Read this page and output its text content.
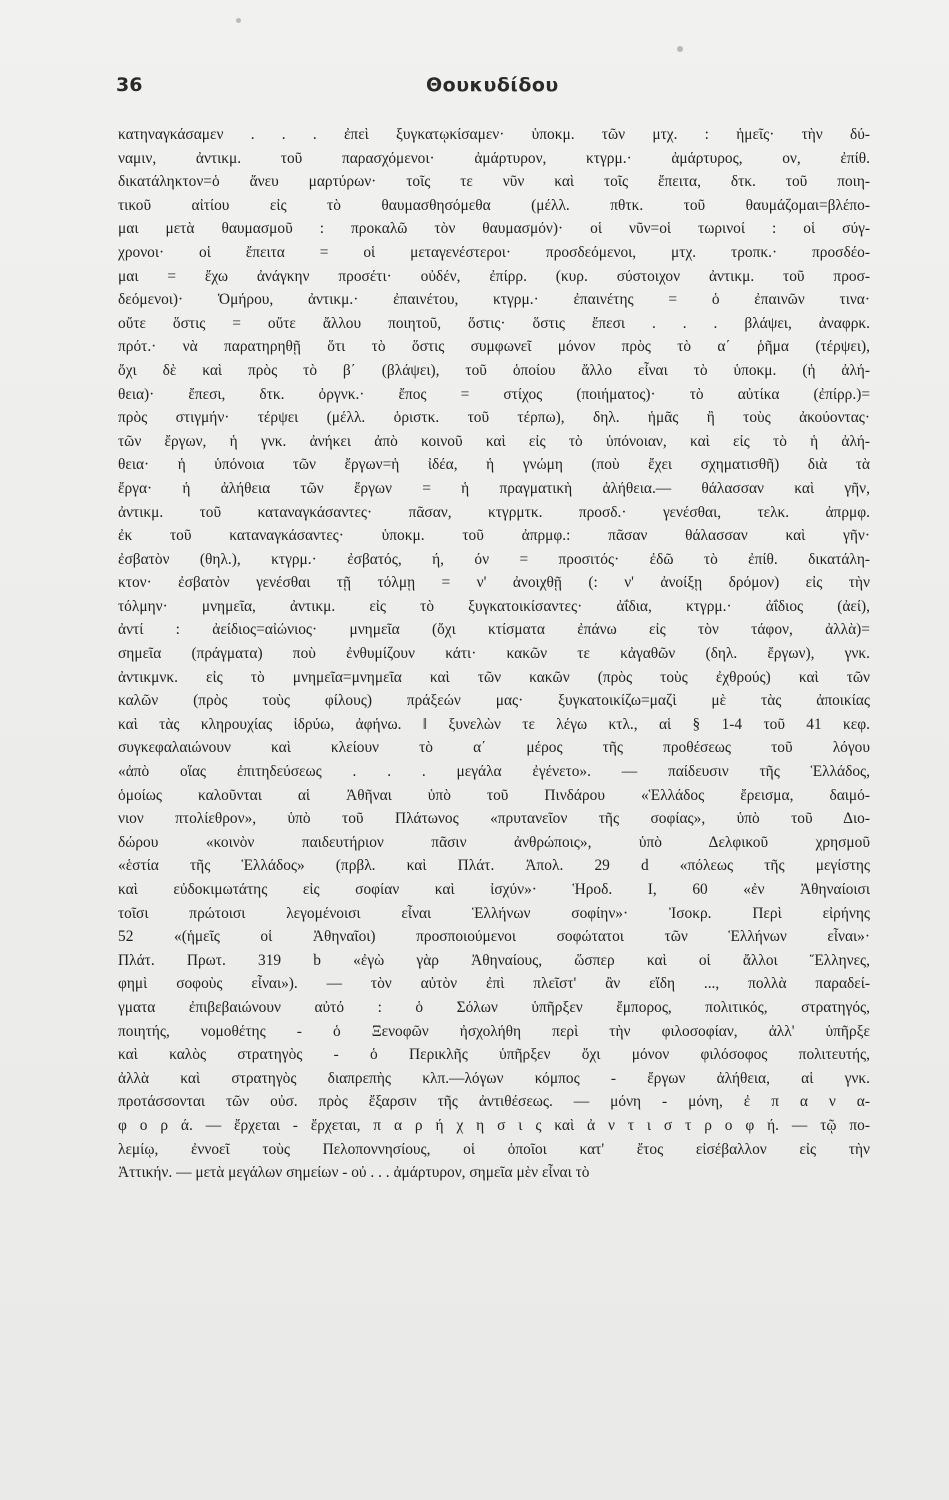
36	Θουκυδίδου
κατηναγκάσαμεν . . . ἐπεὶ ξυγκατῳκίσαμεν· ὑποκμ. τῶν μτχ. : ἡμεῖς· τὴν δύ-
ναμιν, ἀντικμ. τοῦ παρασχόμενοι· ἀμάρτυρον, κτγρμ.· ἀμάρτυρος, ον, ἐπίθ.
δικατάληκτον=ὁ ἄνευ μαρτύρων· τοῖς τε νῦν καὶ τοῖς ἔπειτα, δτκ. τοῦ ποιη-
τικοῦ αἰτίου εἰς τὸ θαυμασθησόμεθα (μέλλ. πθτκ. τοῦ θαυμάζομαι=βλέπο-
μαι μετὰ θαυμασμοῦ : προκαλῶ τὸν θαυμασμόν)· οἱ νῦν=οἱ τωρινοί : οἱ σύγ-
χρονοι· οἱ ἔπειτα = οἱ μεταγενέστεροι· προσδεόμενοι, μτχ. τροπκ.· προσδέο-
μαι = ἔχω ἀνάγκην προσέτι· οὐδέν, ἐπίρρ. (κυρ. σύστοιχον ἀντικμ. τοῦ προσ-
δεόμενοι)· Ὁμήρου, ἀντικμ.· ἐπαινέτου, κτγρμ.· ἐπαινέτης = ὁ ἐπαινῶν τινα·
οὔτε ὅστις = οὔτε ἄλλου ποιητοῦ, ὅστις· ὅστις ἔπεσι . . . βλάψει, ἀναφρκ.
πρότ.· νὰ παρατηρηθῇ ὅτι τὸ ὅστις συμφωνεῖ μόνον πρὸς τὸ α΄ ῥῆμα (τέρψει),
ὄχι δὲ καὶ πρὸς τὸ β΄ (βλάψει), τοῦ ὁποίου ἄλλο εἶναι τὸ ὑποκμ. (ἡ ἀλή-
θεια)· ἔπεσι, δτκ. ὀργνκ.· ἔπος = στίχος (ποιήματος)· τὸ αὐτίκα (ἐπίρρ.)=
πρὸς στιγμήν· τέρψει (μέλλ. ὁριστκ. τοῦ τέρπω), δηλ. ἡμᾶς ἢ τοὺς ἀκούοντας·
τῶν ἔργων, ἡ γνκ. ἀνήκει ἀπὸ κοινοῦ καὶ εἰς τὸ ὑπόνοιαν, καὶ εἰς τὸ ἡ ἀλή-
θεια· ἡ ὑπόνοια τῶν ἔργων=ἡ ἰδέα, ἡ γνώμη (ποὺ ἔχει σχηματισθῆ) διὰ τὰ
ἔργα· ἡ ἀλήθεια τῶν ἔργων = ἡ πραγματικὴ ἀλήθεια.— θάλασσαν καὶ γῆν,
ἀντικμ. τοῦ καταναγκάσαντες· πᾶσαν, κτγρμτκ. προσδ.· γενέσθαι, τελκ. ἀπρμφ.
ἐκ τοῦ καταναγκάσαντες· ὑποκμ. τοῦ ἀπρμφ.: πᾶσαν θάλασσαν καὶ γῆν·
ἐσβατὸν (θηλ.), κτγρμ.· ἐσβατός, ή, όν = προσιτός· ἐδῶ τὸ ἐπίθ. δικατάλη-
κτον· ἐσβατὸν γενέσθαι τῇ τόλμῃ = ν' ἀνοιχθῇ (: ν' ἀνοίξῃ δρόμον) εἰς τὴν
τόλμην· μνημεῖα, ἀντικμ. εἰς τὸ ξυγκατοικίσαντες· ἀΐδια, κτγρμ.· ἀΐδιος (ἀεί),
ἀντί : ἀείδιος=αἰώνιος· μνημεῖα (ὄχι κτίσματα ἐπάνω εἰς τὸν τάφον, ἀλλὰ)=
σημεῖα (πράγματα) ποὺ ἐνθυμίζουν κάτι· κακῶν τε κἀγαθῶν (δηλ. ἔργων), γνκ.
ἀντικμνκ. εἰς τὸ μνημεῖα=μνημεῖα καὶ τῶν κακῶν (πρὸς τοὺς ἐχθρούς) καὶ τῶν
καλῶν (πρὸς τοὺς φίλους) πράξεών μας· ξυγκατοικίζω=μαζὶ μὲ τὰς ἀποικίας
καὶ τὰς κληρουχίας ἱδρύω, ἀφήνω. ‖ ξυνελὼν τε λέγω κτλ., αἱ § 1-4 τοῦ 41 κεφ.
συγκεφαλαιώνουν καὶ κλείουν τὸ α΄ μέρος τῆς προθέσεως τοῦ λόγου
«ἀπὸ οἵας ἐπιτηδεύσεως . . . μεγάλα ἐγένετο». — παίδευσιν τῆς Ἑλλάδος,
ὁμοίως καλοῦνται αἱ Ἀθῆναι ὑπὸ τοῦ Πινδάρου «Ἑλλάδος ἔρεισμα, δαιμό-
νιον πτολίεθρον», ὑπὸ τοῦ Πλάτωνος «πρυτανεῖον τῆς σοφίας», ὑπὸ τοῦ Διο-
δώρου «κοινὸν παιδευτήριον πᾶσιν ἀνθρώποις», ὑπὸ Δελφικοῦ χρησμοῦ
«ἑστία τῆς Ἑλλάδος» (πρβλ. καὶ Πλάτ. Ἀπολ. 29 d «πόλεως τῆς μεγίστης
καὶ εὐδοκιμωτάτης εἰς σοφίαν καὶ ἰσχύν»· Ἡροδ. I, 60 «ἐν Ἀθηναίοισι
τοῖσι πρώτοισι λεγομένοισι εἶναι Ἑλλήνων σοφίην»· Ἰσοκρ. Περὶ εἰρήνης
52 «(ἡμεῖς οἱ Ἀθηναῖοι) προσποιούμενοι σοφώτατοι τῶν Ἑλλήνων εἶναι»·
Πλάτ. Πρωτ. 319 b «ἐγὼ γὰρ Ἀθηναίους, ὥσπερ καὶ οἱ ἄλλοι Ἕλληνες,
φημὶ σοφοὺς εἶναι»). — τὸν αὐτὸν ἐπὶ πλεῖστ' ἂν εἴδη ..., πολλὰ παραδεί-
γματα ἐπιβεβαιώνουν αὐτό : ὁ Σόλων ὑπῆρξεν ἔμπορος, πολιτικός, στρατηγός,
ποιητής, νομοθέτης - ὁ Ξενοφῶν ἠσχολήθη περὶ τὴν φιλοσοφίαν, ἀλλ' ὑπῆρξε
καὶ καλὸς στρατηγὸς - ὁ Περικλῆς ὑπῆρξεν ὄχι μόνον φιλόσοφος πολιτευτής,
ἀλλὰ καὶ στρατηγὸς διαπρεπὴς κλπ.—λόγων κόμπος - ἔργων ἀλήθεια, αἱ γνκ.
προτάσσονται τῶν οὐσ. πρὸς ἔξαρσιν τῆς ἀντιθέσεως. — μόνη - μόνη, ἐ π α ν α-
φ ο ρ ά. — ἔρχεται - ἔρχεται, π α ρ ή χ η σ ι ς καὶ ἀ ν τ ι σ τ ρ ο φ ή. — τῷ πο-
λεμίῳ, ἐννοεῖ τοὺς Πελοποννησίους, οἱ ὁποῖοι κατ' ἔτος εἰσέβαλλον εἰς τὴν
Ἀττικήν. — μετὰ μεγάλων σημείων - οὐ . . . ἀμάρτυρον, σημεῖα μὲν εἶναι τὸ
